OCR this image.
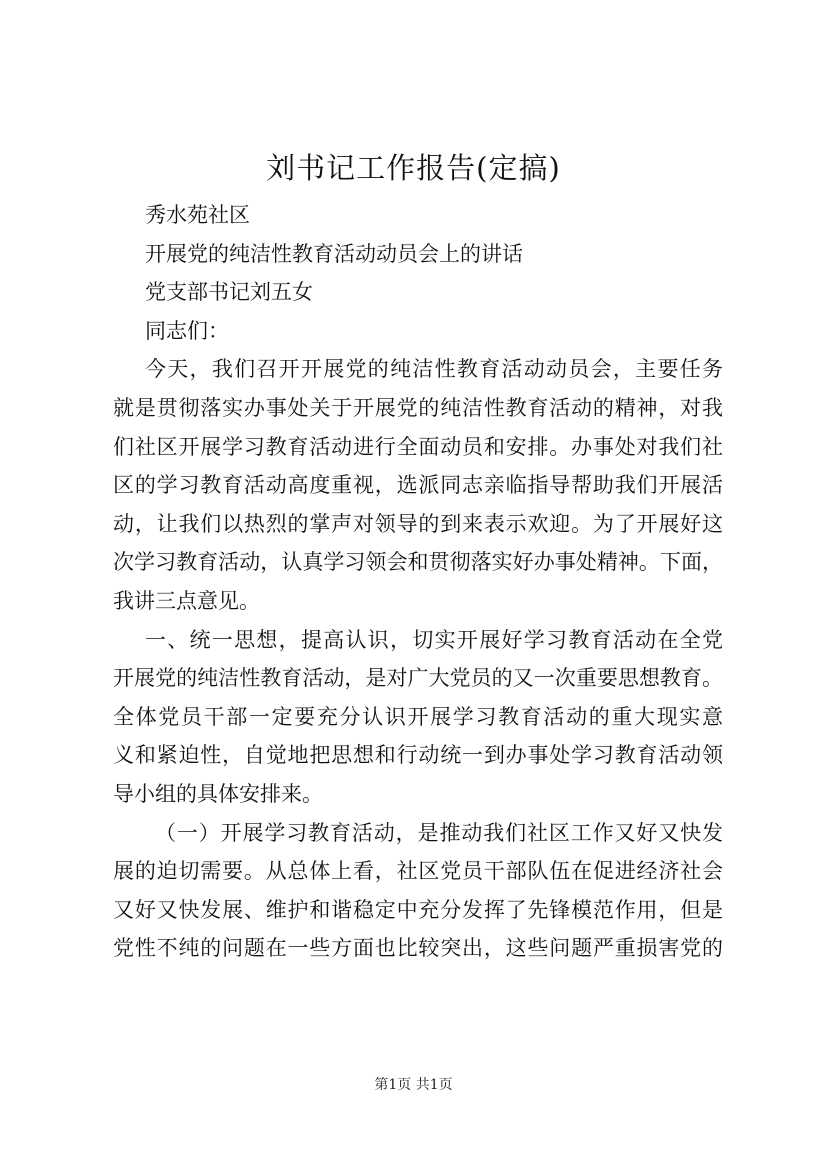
刘书记工作报告(定搞)
秀水苑社区
开展党的纯洁性教育活动动员会上的讲话
党支部书记刘五女
同志们：
今天，我们召开开展党的纯洁性教育活动动员会，主要任务
就是贯彻落实办事处关于开展党的纯洁性教育活动的精神，对我
们社区开展学习教育活动进行全面动员和安排。办事处对我们社
区的学习教育活动高度重视，选派同志亲临指导帮助我们开展活
动，让我们以热烈的掌声对领导的到来表示欢迎。为了开展好这
次学习教育活动，认真学习领会和贯彻落实好办事处精神。下面，
我讲三点意见。
一、统一思想，提高认识，切实开展好学习教育活动在全党
开展党的纯洁性教育活动，是对广大党员的又一次重要思想教育。
全体党员干部一定要充分认识开展学习教育活动的重大现实意
义和紧迫性，自觉地把思想和行动统一到办事处学习教育活动领
导小组的具体安排来。
（一）开展学习教育活动，是推动我们社区工作又好又快发
展的迫切需要。从总体上看，社区党员干部队伍在促进经济社会
又好又快发展、维护和谐稳定中充分发挥了先锋模范作用，但是
党性不纯的问题在一些方面也比较突出，这些问题严重损害党的
第1页 共1页
